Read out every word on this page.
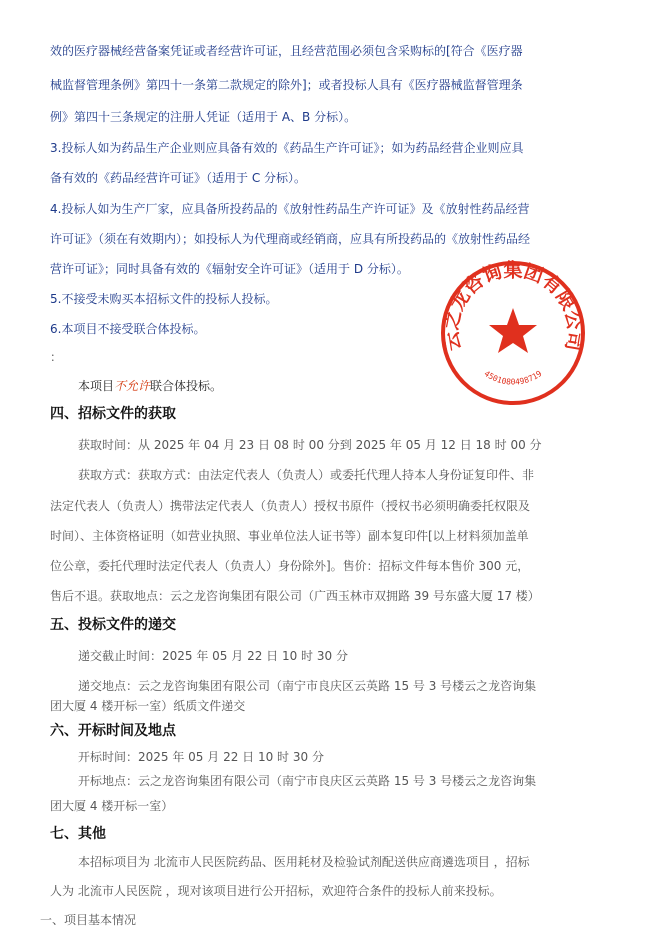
效的医疗器械经营备案凭证或者经营许可证，且经营范围必须包含采购标的[符合《医疗器
械监督管理条例》第四十一条第二款规定的除外]；或者投标人具有《医疗器械监督管理条
例》第四十三条规定的注册人凭证（适用于 A、B 分标）。
3.投标人如为药品生产企业则应具备有效的《药品生产许可证》；如为药品经营企业则应具
备有效的《药品经营许可证》（适用于 C 分标）。
4.投标人如为生产厂家，应具备所投药品的《放射性药品生产许可证》及《放射性药品经营
许可证》（须在有效期内）；如投标人为代理商或经销商，应具有所投药品的《放射性药品经
营许可证》；同时具备有效的《辐射安全许可证》（适用于 D 分标）。
5.不接受未购买本招标文件的投标人投标。
6.本项目不接受联合体投标。
：
本项目不允许联合体投标。
四、招标文件的获取
获取时间：从 2025 年 04 月 23 日 08 时 00 分到 2025 年 05 月 12 日 18 时 00 分
获取方式：获取方式：由法定代表人（负责人）或委托代理人持本人身份证复印件、非
法定代表人（负责人）携带法定代表人（负责人）授权书原件（授权书必须明确委托权限及
时间）、主体资格证明（如营业执照、事业单位法人证书等）副本复印件[以上材料须加盖单
位公章，委托代理时法定代表人（负责人）身份除外]。售价：招标文件每本售价 300 元，
售后不退。获取地点：云之龙咨询集团有限公司（广西玉林市双拥路 39 号东盛大厦 17 楼）
五、投标文件的递交
递交截止时间：2025 年 05 月 22 日 10 时 30 分
递交地点：云之龙咨询集团有限公司（南宁市良庆区云英路 15 号 3 号楼云之龙咨询集
团大厦 4 楼开标一室）纸质文件递交
六、开标时间及地点
开标时间：2025 年 05 月 22 日 10 时 30 分
开标地点：云之龙咨询集团有限公司（南宁市良庆区云英路 15 号 3 号楼云之龙咨询集
团大厦 4 楼开标一室）
七、其他
本招标项目为 北流市人民医院药品、医用耗材及检验试剂配送供应商遴选项目 ，招标
人为 北流市人民医院 ，现对该项目进行公开招标，欢迎符合条件的投标人前来投标。
一、项目基本情况
云之龙咨询集团有限公司
4501080498719
